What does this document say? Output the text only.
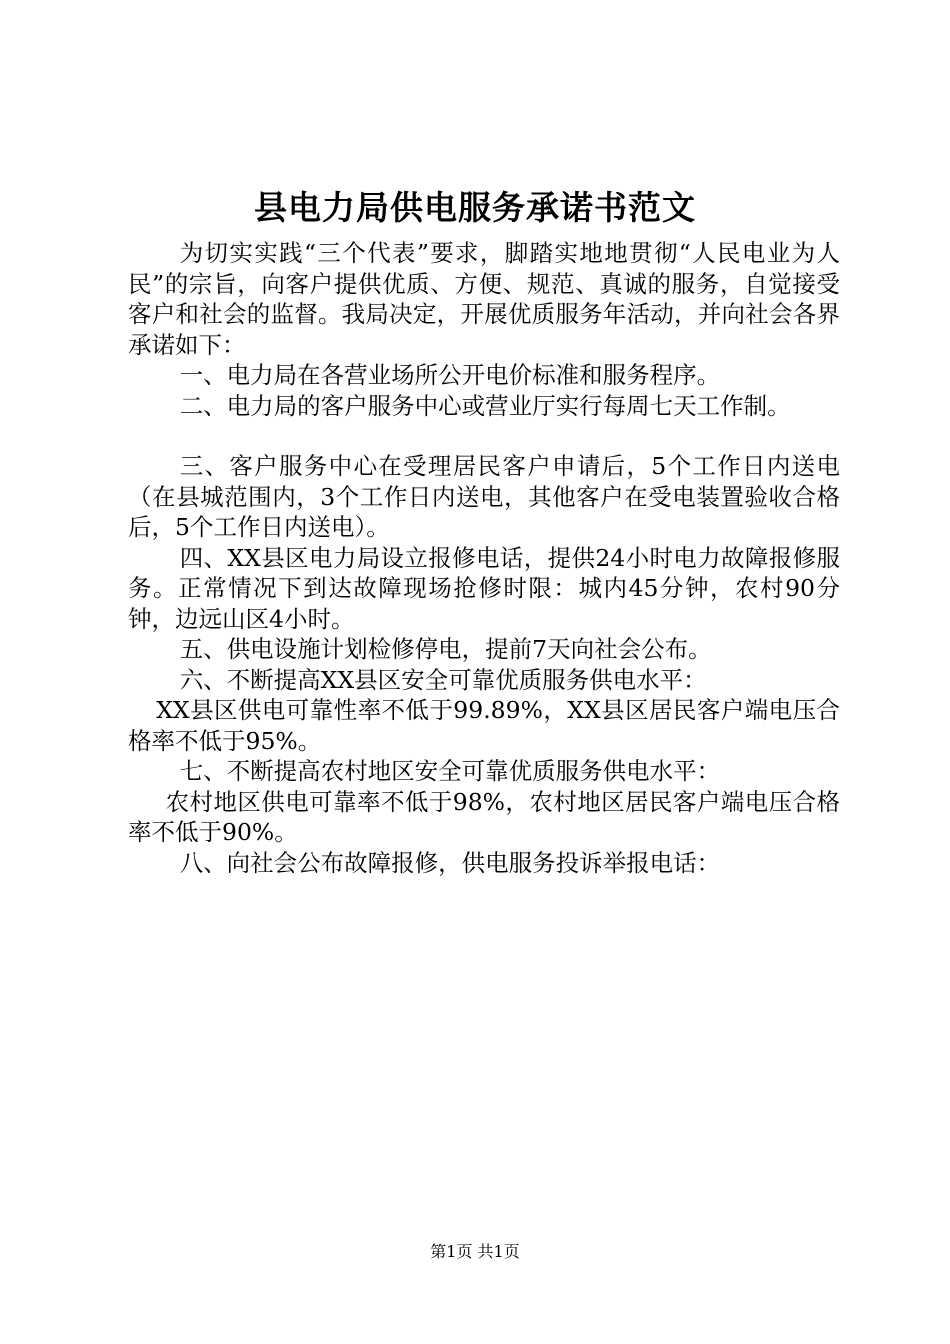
县电力局供电服务承诺书范文

为切实实践“三个代表”要求，脚踏实地地贯彻“人民电业为人民”的宗旨，向客户提供优质、方便、规范、真诚的服务，自觉接受客户和社会的监督。我局决定，开展优质服务年活动，并向社会各界承诺如下：

一、电力局在各营业场所公开电价标准和服务程序。

二、电力局的客户服务中心或营业厅实行每周七天工作制。

三、客户服务中心在受理居民客户申请后，5个工作日内送电（在县城范围内，3个工作日内送电，其他客户在受电装置验收合格后，5个工作日内送电）。

四、XX县区电力局设立报修电话，提供24小时电力故障报修服务。正常情况下到达故障现场抢修时限：城内45分钟，农村90分钟，边远山区4小时。

五、供电设施计划检修停电，提前7天向社会公布。

六、不断提高XX县区安全可靠优质服务供电水平：

XX县区供电可靠性率不低于99.89%，XX县区居民客户端电压合格率不低于95%。

七、不断提高农村地区安全可靠优质服务供电水平：

农村地区供电可靠率不低于98%，农村地区居民客户端电压合格率不低于90%。

八、向社会公布故障报修，供电服务投诉举报电话：

第1页 共1页
